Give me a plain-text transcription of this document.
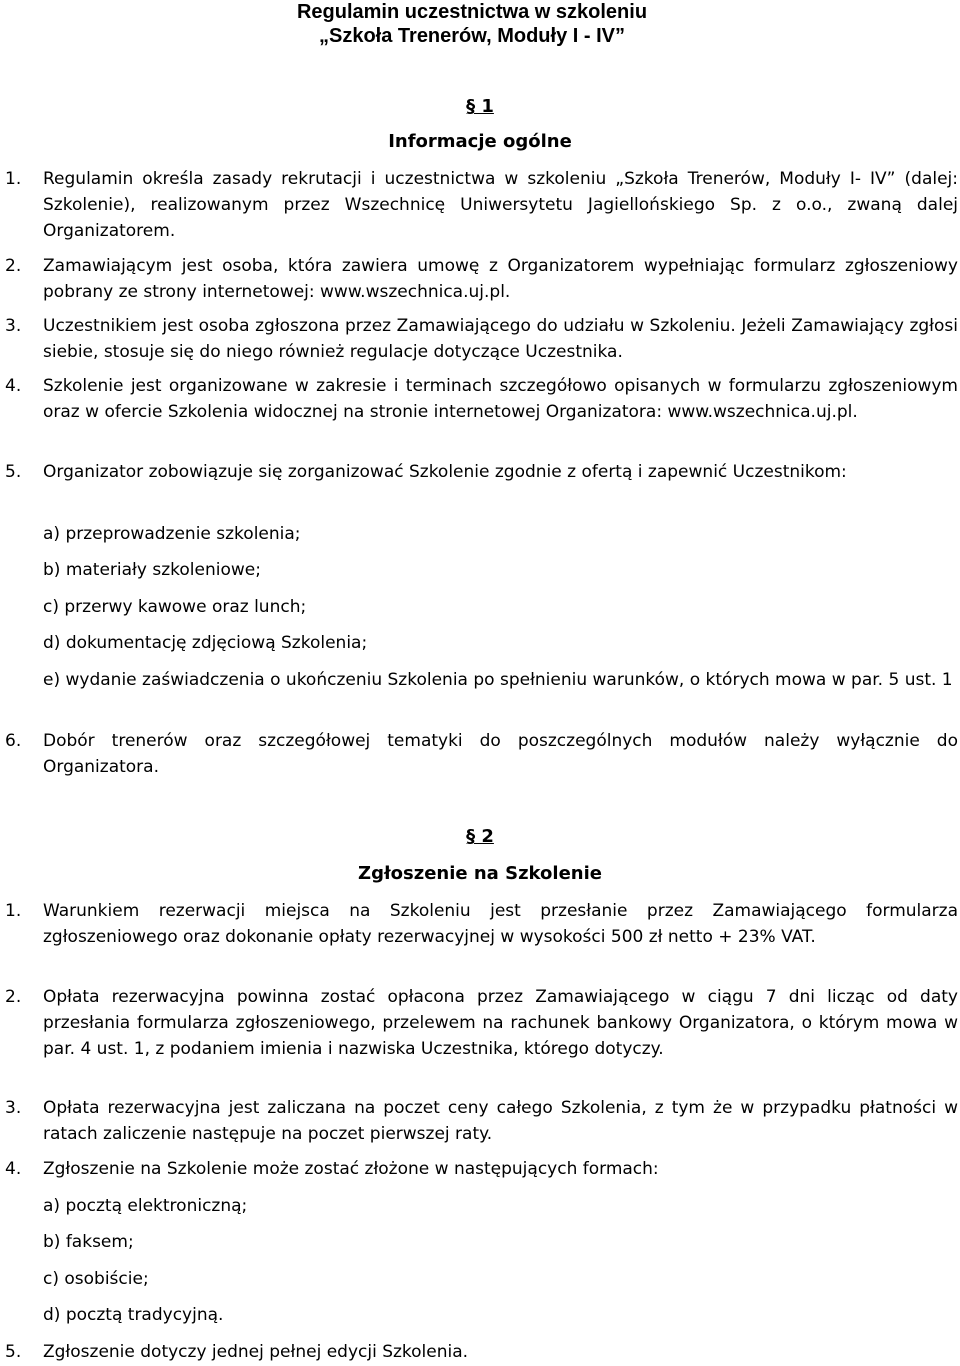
Regulamin uczestnictwa w szkoleniu
„Szkoła Trenerów, Moduły I - IV”
§ 1
Informacje ogólne
1. Regulamin określa zasady rekrutacji i uczestnictwa w szkoleniu „Szkoła Trenerów, Moduły I- IV” (dalej: Szkolenie), realizowanym przez Wszechnicę Uniwersytetu Jagiellońskiego Sp. z o.o., zwaną dalej Organizatorem.
2. Zamawiającym jest osoba, która zawiera umowę z Organizatorem wypełniając formularz zgłoszeniowy pobrany ze strony internetowej: www.wszechnica.uj.pl.
3. Uczestnikiem jest osoba zgłoszona przez Zamawiającego do udziału w Szkoleniu. Jeżeli Zamawiający zgłosi siebie, stosuje się do niego również regulacje dotyczące Uczestnika.
4. Szkolenie jest organizowane w zakresie i terminach szczegółowo opisanych w formularzu zgłoszeniowym oraz w ofercie Szkolenia widocznej na stronie internetowej Organizatora: www.wszechnica.uj.pl.
5. Organizator zobowiązuje się zorganizować Szkolenie zgodnie z ofertą i zapewnić Uczestnikom:
a) przeprowadzenie szkolenia;
b) materiały szkoleniowe;
c) przerwy kawowe oraz lunch;
d) dokumentację zdjęciową Szkolenia;
e) wydanie zaświadczenia o ukończeniu Szkolenia po spełnieniu warunków, o których mowa w par. 5 ust. 1
6. Dobór trenerów oraz szczegółowej tematyki do poszczególnych modułów należy wyłącznie do Organizatora.
§ 2
Zgłoszenie na Szkolenie
1. Warunkiem rezerwacji miejsca na Szkoleniu jest przesłanie przez Zamawiającego formularza zgłoszeniowego oraz dokonanie opłaty rezerwacyjnej w wysokości 500 zł netto + 23% VAT.
2. Opłata rezerwacyjna powinna zostać opłacona przez Zamawiającego w ciągu 7 dni licząc od daty przesłania formularza zgłoszeniowego, przelewem na rachunek bankowy Organizatora, o którym mowa w par. 4 ust. 1, z podaniem imienia i nazwiska Uczestnika, którego dotyczy.
3. Opłata rezerwacyjna jest zaliczana na poczet ceny całego Szkolenia, z tym że w przypadku płatności w ratach zaliczenie następuje na poczet pierwszej raty.
4. Zgłoszenie na Szkolenie może zostać złożone w następujących formach:
a) pocztą elektroniczną;
b) faksem;
c) osobiście;
d) pocztą tradycyjną.
5. Zgłoszenie dotyczy jednej pełnej edycji Szkolenia.
